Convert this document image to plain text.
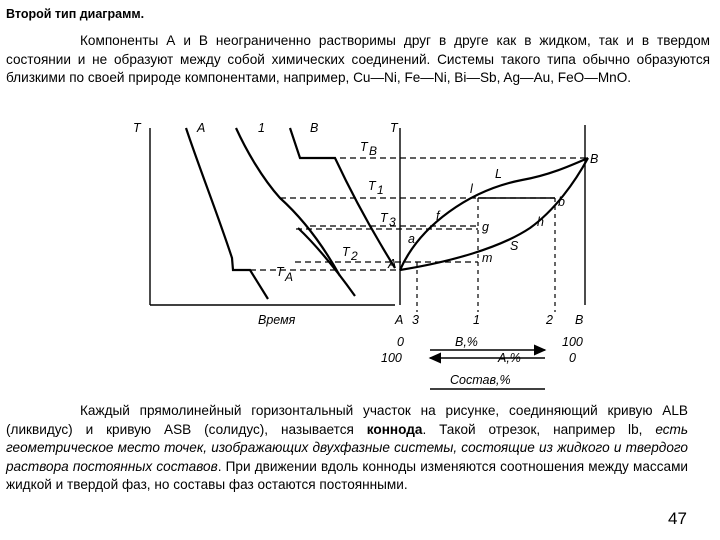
Второй тип диаграмм.

Компоненты А и В неограниченно растворимы друг в друге как в жидком, так и в твердом состоянии и не образуют между собой химических соединений. Системы такого типа обычно образуются близкими по своей природе компонентами, например, Cu—Ni, Fe—Ni, Bi—Sb, Ag—Au, FeO—MnO.

T	A	1	B
T A
Время
T
T B
T 1
T 3
T 2
L
l
f
g
b
h
a	S
m
A
B
A 3	1	2 B
0
100
100
0
B,%
A,%
Состав,%

Каждый прямолинейный горизонтальный участок на рисунке, соединяющий кривую ALB (ликвидус) и кривую ASB (солидус), называется коннода. Такой отрезок, например lb, есть геометрическое место точек, изображающих двухфазные системы, состоящие из жидкого и твердого раствора постоянных составов. При движении вдоль конноды изменяются соотношения между массами жидкой и твердой фаз, но составы фаз остаются постоянными.

47
